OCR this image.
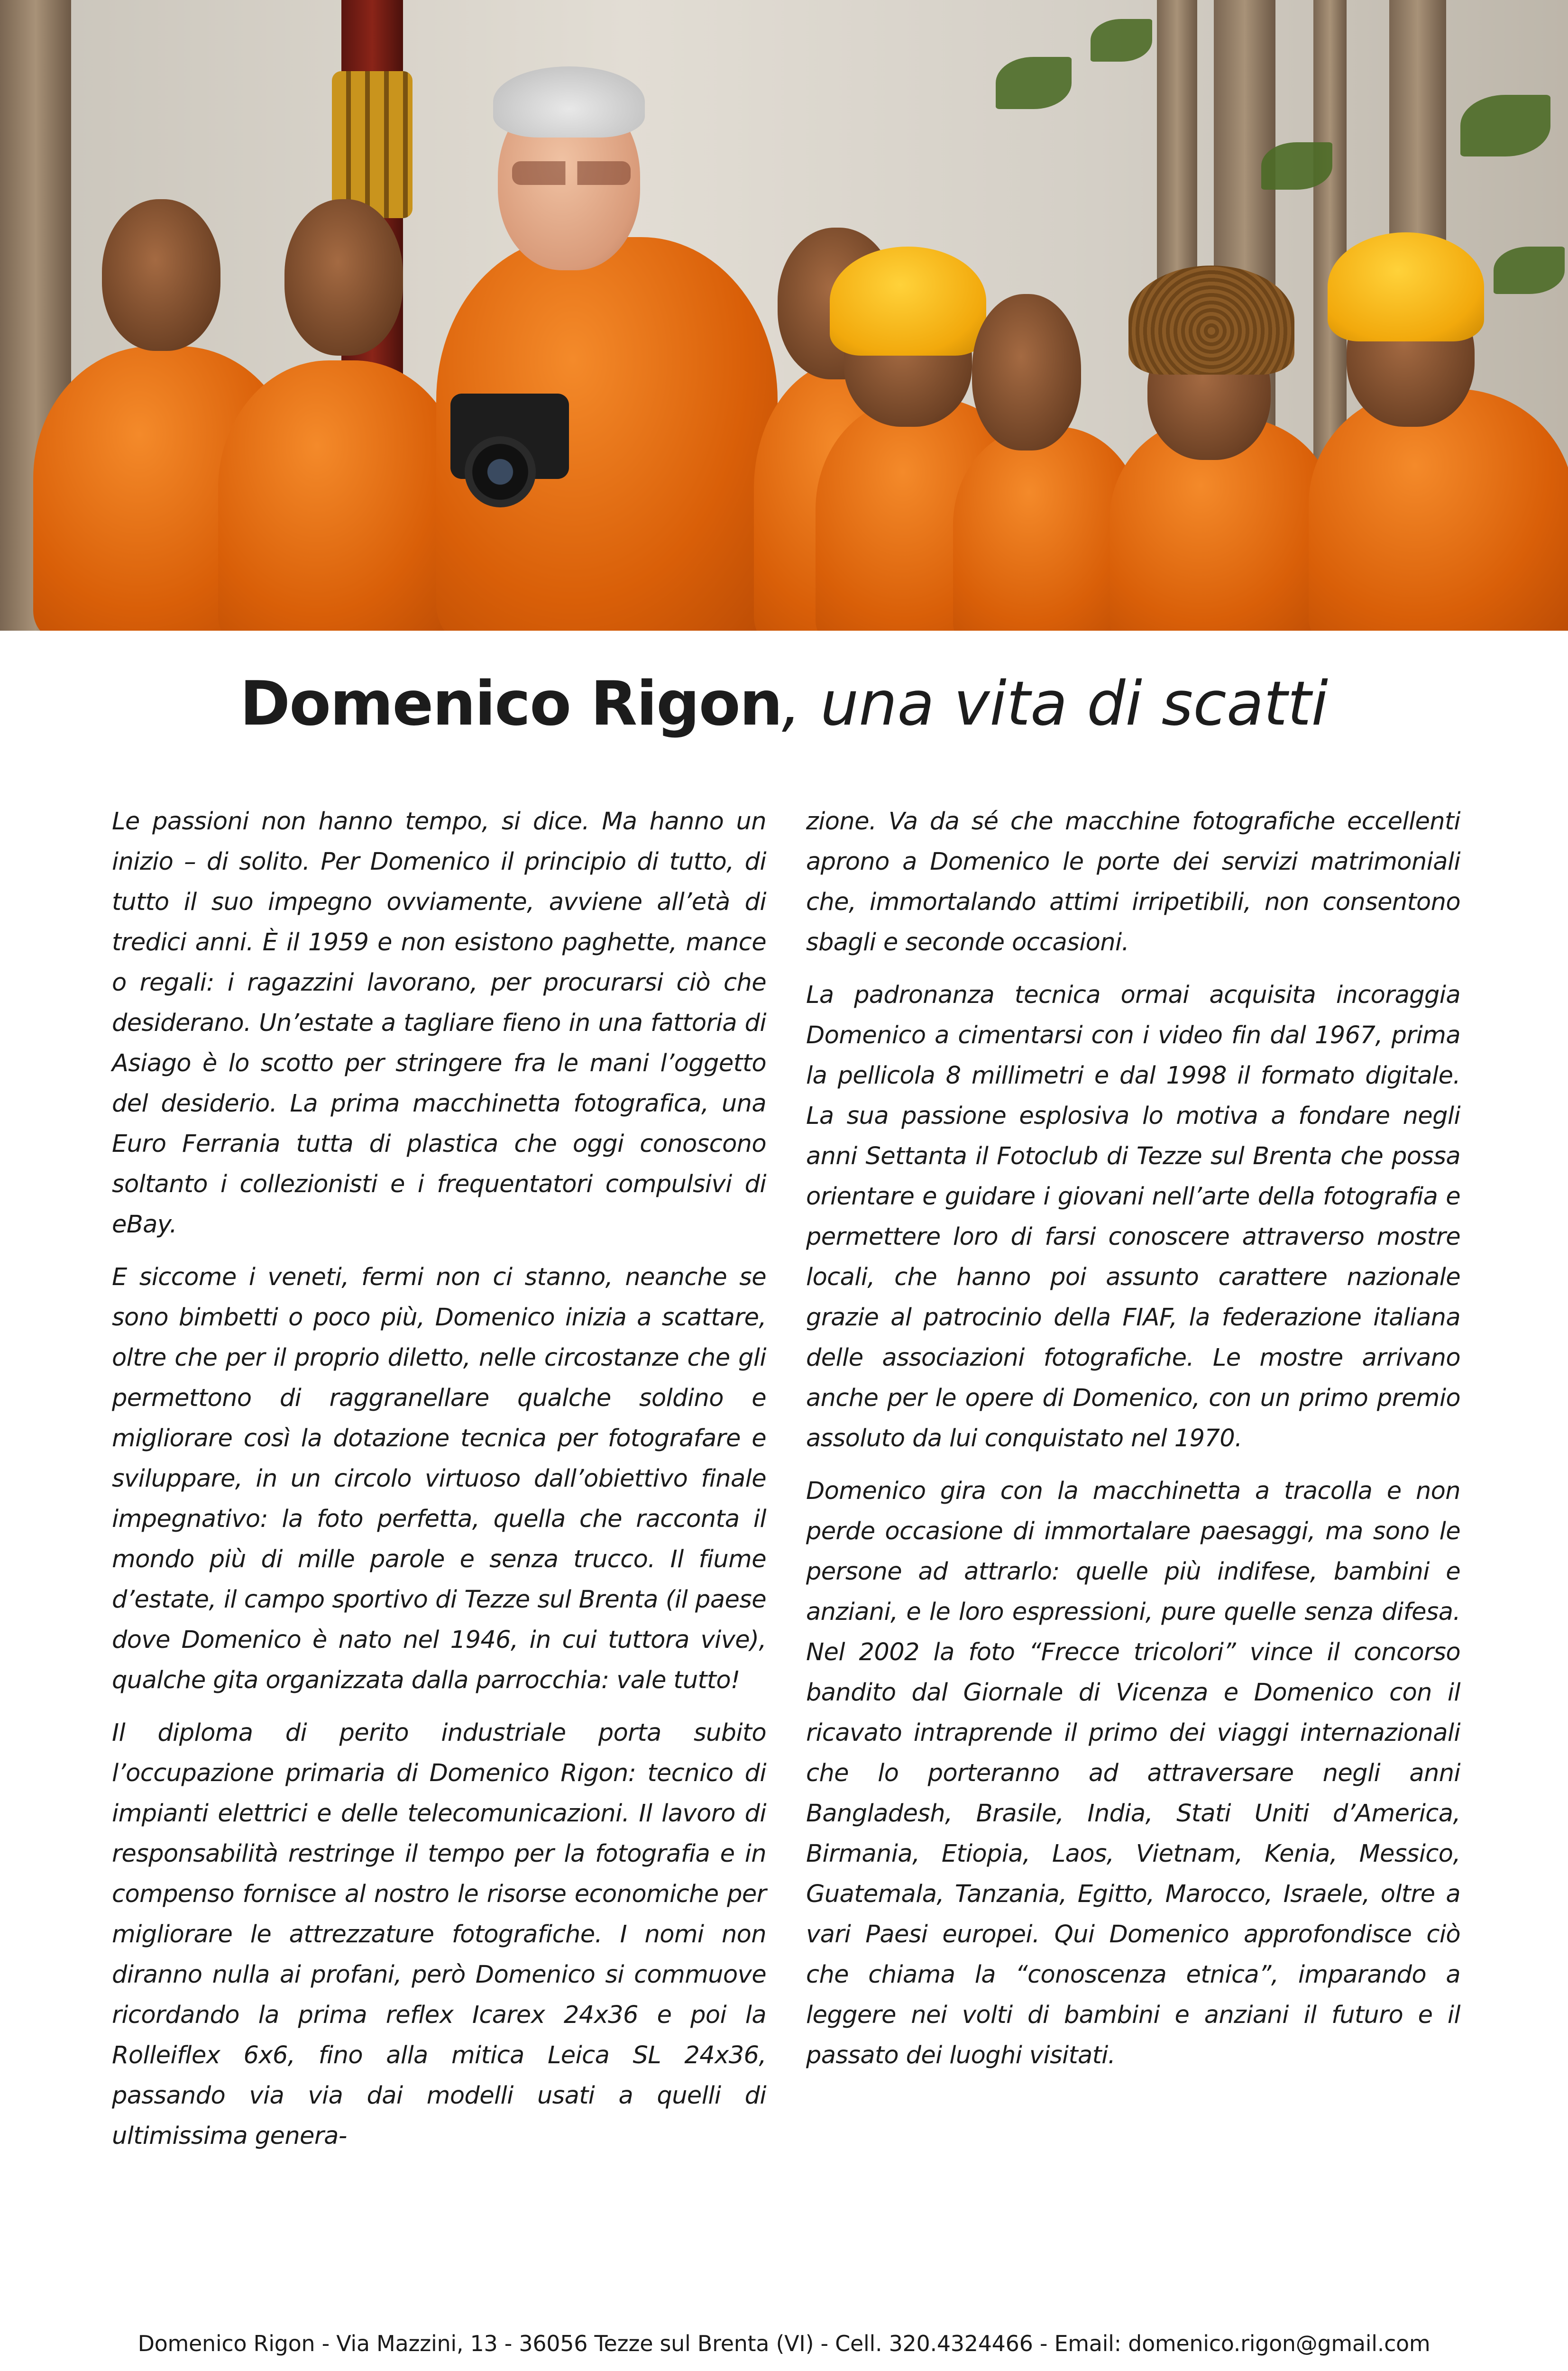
Domenico Rigon, una vita di scatti

Le passioni non hanno tempo, si dice. Ma hanno un inizio – di solito. Per Domenico il principio di tutto, di tutto il suo impegno ovviamente, avviene all’età di tredici anni. È il 1959 e non esistono paghette, mance o regali: i ragazzini lavorano, per procurarsi ciò che desiderano. Un’estate a tagliare fieno in una fattoria di Asiago è lo scotto per stringere fra le mani l’oggetto del desiderio. La prima macchinetta fotografica, una Euro Ferrania tutta di plastica che oggi conoscono soltanto i collezionisti e i frequentatori compulsivi di eBay.

E siccome i veneti, fermi non ci stanno, neanche se sono bimbetti o poco più, Domenico inizia a scattare, oltre che per il proprio diletto, nelle circostanze che gli permettono di raggranellare qualche soldino e migliorare così la dotazione tecnica per fotografare e sviluppare, in un circolo virtuoso dall’obiettivo finale impegnativo: la foto perfetta, quella che racconta il mondo più di mille parole e senza trucco. Il fiume d’estate, il campo sportivo di Tezze sul Brenta (il paese dove Domenico è nato nel 1946, in cui tuttora vive), qualche gita organizzata dalla parrocchia: vale tutto!

Il diploma di perito industriale porta subito l’occupazione primaria di Domenico Rigon: tecnico di impianti elettrici e delle telecomunicazioni. Il lavoro di responsabilità restringe il tempo per la fotografia e in compenso fornisce al nostro le risorse economiche per migliorare le attrezzature fotografiche. I nomi non diranno nulla ai profani, però Domenico si commuove ricordando la prima reflex Icarex 24x36 e poi la Rolleiflex 6x6, fino alla mitica Leica SL 24x36, passando via via dai modelli usati a quelli di ultimissima genera-

zione. Va da sé che macchine fotografiche eccellenti aprono a Domenico le porte dei servizi matrimoniali che, immortalando attimi irripetibili, non consentono sbagli e seconde occasioni.

La padronanza tecnica ormai acquisita incoraggia Domenico a cimentarsi con i video fin dal 1967, prima la pellicola 8 millimetri e dal 1998 il formato digitale. La sua passione esplosiva lo motiva a fondare negli anni Settanta il Fotoclub di Tezze sul Brenta che possa orientare e guidare i giovani nell’arte della fotografia e permettere loro di farsi conoscere attraverso mostre locali, che hanno poi assunto carattere nazionale grazie al patrocinio della FIAF, la federazione italiana delle associazioni fotografiche. Le mostre arrivano anche per le opere di Domenico, con un primo premio assoluto da lui conquistato nel 1970.

Domenico gira con la macchinetta a tracolla e non perde occasione di immortalare paesaggi, ma sono le persone ad attrarlo: quelle più indifese, bambini e anziani, e le loro espressioni, pure quelle senza difesa. Nel 2002 la foto “Frecce tricolori” vince il concorso bandito dal Giornale di Vicenza e Domenico con il ricavato intraprende il primo dei viaggi internazionali che lo porteranno ad attraversare negli anni Bangladesh, Brasile, India, Stati Uniti d’America, Birmania, Etiopia, Laos, Vietnam, Kenia, Messico, Guatemala, Tanzania, Egitto, Marocco, Israele, oltre a vari Paesi europei. Qui Domenico approfondisce ciò che chiama la “conoscenza etnica”, imparando a leggere nei volti di bambini e anziani il futuro e il passato dei luoghi visitati.

Domenico Rigon - Via Mazzini, 13 - 36056 Tezze sul Brenta (VI) - Cell. 320.4324466 - Email: domenico.rigon@gmail.com
